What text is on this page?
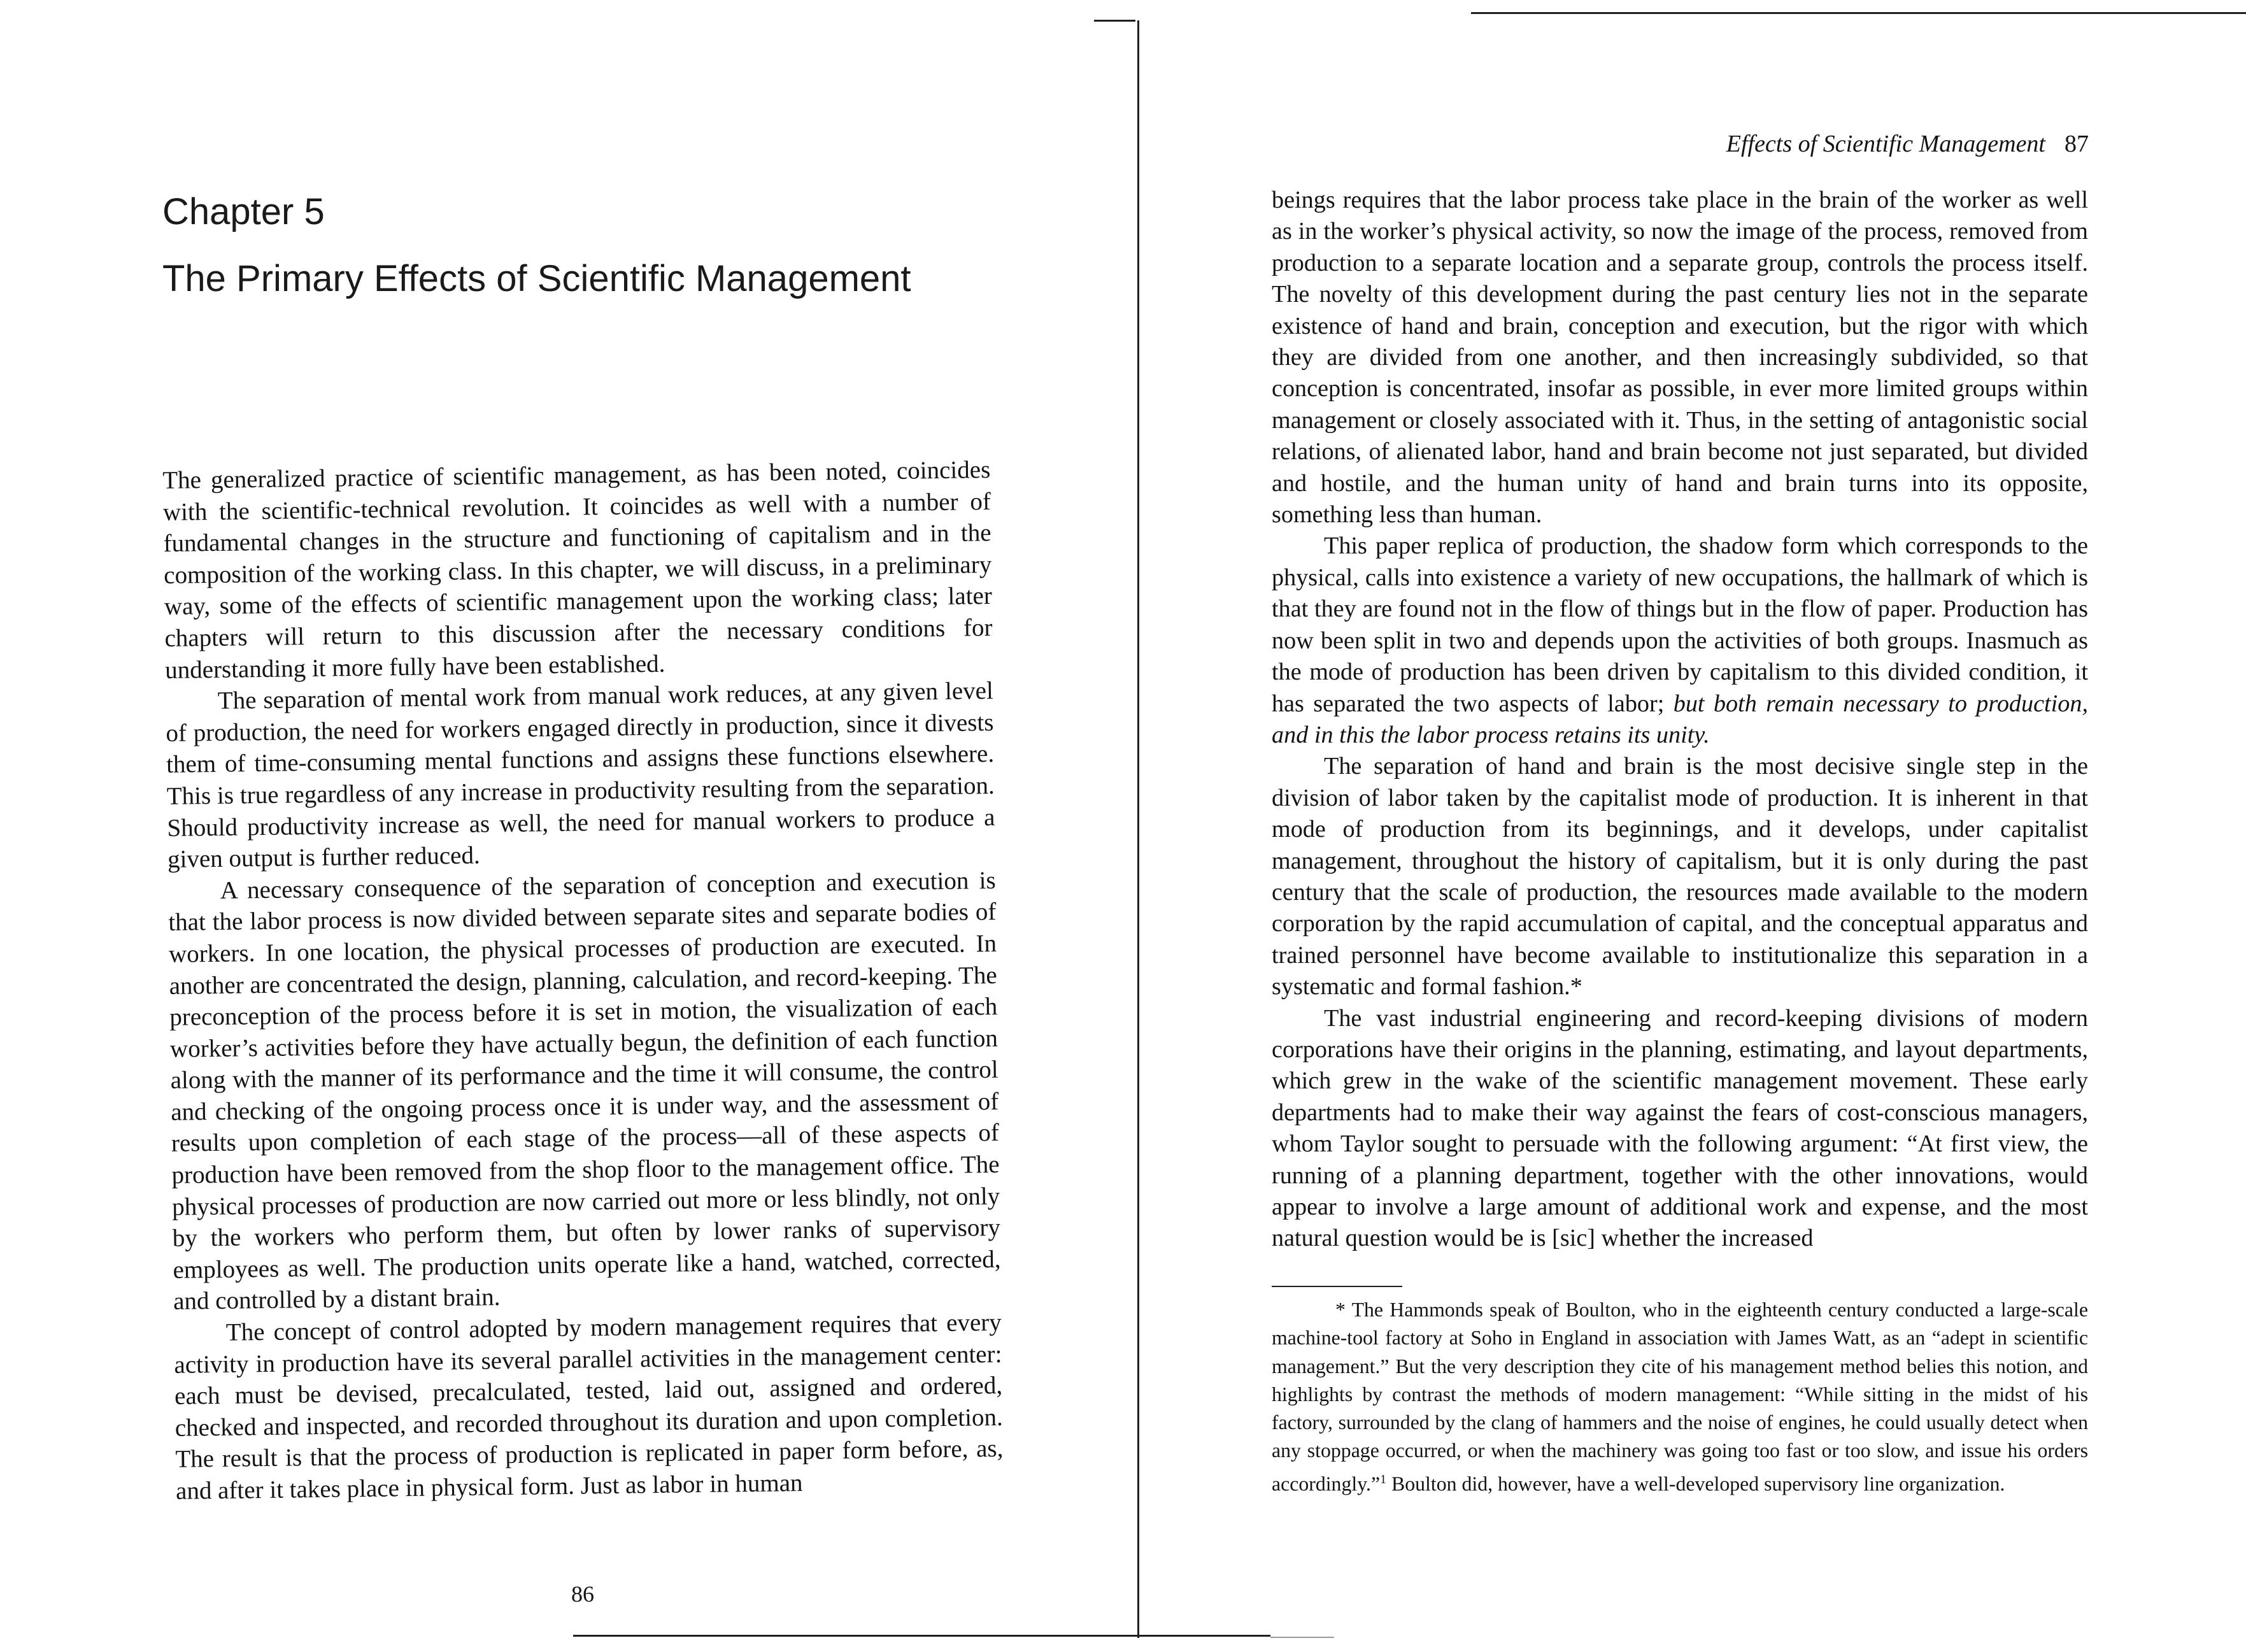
Chapter 5
The Primary Effects of Scientific Management

The generalized practice of scientific management, as has been noted, coincides with the scientific-technical revolution. It coincides as well with a number of fundamental changes in the structure and functioning of capitalism and in the composition of the working class. In this chapter, we will discuss, in a preliminary way, some of the effects of scientific management upon the working class; later chapters will return to this discussion after the necessary conditions for understanding it more fully have been established.

The separation of mental work from manual work reduces, at any given level of production, the need for workers engaged directly in production, since it divests them of time-consuming mental functions and assigns these functions elsewhere. This is true regardless of any increase in productivity resulting from the separation. Should productivity increase as well, the need for manual workers to produce a given output is further reduced.

A necessary consequence of the separation of conception and execution is that the labor process is now divided between separate sites and separate bodies of workers. In one location, the physical processes of production are executed. In another are concentrated the design, planning, calculation, and record-keeping. The preconception of the process before it is set in motion, the visualization of each worker’s activities before they have actually begun, the definition of each function along with the manner of its performance and the time it will consume, the control and checking of the ongoing process once it is under way, and the assessment of results upon completion of each stage of the process—all of these aspects of production have been removed from the shop floor to the management office. The physical processes of production are now carried out more or less blindly, not only by the workers who perform them, but often by lower ranks of supervisory employees as well. The production units operate like a hand, watched, corrected, and controlled by a distant brain.

The concept of control adopted by modern management requires that every activity in production have its several parallel activities in the management center: each must be devised, precalculated, tested, laid out, assigned and ordered, checked and inspected, and recorded throughout its duration and upon completion. The result is that the process of production is replicated in paper form before, as, and after it takes place in physical form. Just as labor in human

86
Effects of Scientific Management 87

beings requires that the labor process take place in the brain of the worker as well as in the worker’s physical activity, so now the image of the process, removed from production to a separate location and a separate group, controls the process itself. The novelty of this development during the past century lies not in the separate existence of hand and brain, conception and execution, but the rigor with which they are divided from one another, and then increasingly subdivided, so that conception is concentrated, insofar as possible, in ever more limited groups within management or closely associated with it. Thus, in the setting of antagonistic social relations, of alienated labor, hand and brain become not just separated, but divided and hostile, and the human unity of hand and brain turns into its opposite, something less than human.

This paper replica of production, the shadow form which corresponds to the physical, calls into existence a variety of new occupations, the hallmark of which is that they are found not in the flow of things but in the flow of paper. Production has now been split in two and depends upon the activities of both groups. Inasmuch as the mode of production has been driven by capitalism to this divided condition, it has separated the two aspects of labor; but both remain necessary to production, and in this the labor process retains its unity.

The separation of hand and brain is the most decisive single step in the division of labor taken by the capitalist mode of production. It is inherent in that mode of production from its beginnings, and it develops, under capitalist management, throughout the history of capitalism, but it is only during the past century that the scale of production, the resources made available to the modern corporation by the rapid accumulation of capital, and the conceptual apparatus and trained personnel have become available to institutionalize this separation in a systematic and formal fashion.*

The vast industrial engineering and record-keeping divisions of modern corporations have their origins in the planning, estimating, and layout departments, which grew in the wake of the scientific management movement. These early departments had to make their way against the fears of cost-conscious managers, whom Taylor sought to persuade with the following argument: “At first view, the running of a planning department, together with the other innovations, would appear to involve a large amount of additional work and expense, and the most natural question would be is [sic] whether the increased

* The Hammonds speak of Boulton, who in the eighteenth century conducted a large-scale machine-tool factory at Soho in England in association with James Watt, as an “adept in scientific management.” But the very description they cite of his management method belies this notion, and highlights by contrast the methods of modern management: “While sitting in the midst of his factory, surrounded by the clang of hammers and the noise of engines, he could usually detect when any stoppage occurred, or when the machinery was going too fast or too slow, and issue his orders accordingly.”$^1$ Boulton did, however, have a well-developed supervisory line organization.
